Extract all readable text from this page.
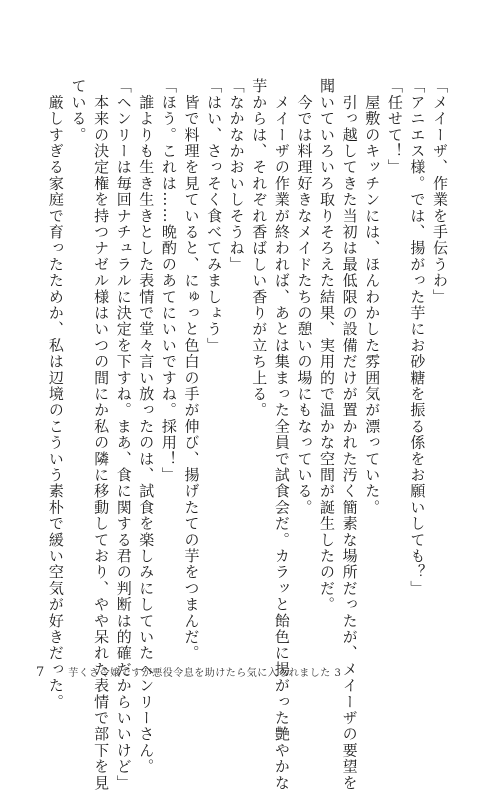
「メイーザ、作業を手伝うわ」
「アニエス様。では、揚がった芋にお砂糖を振る係をお願いしても？」
「任せて！」
　屋敷のキッチンには、ほんわかした雰囲気が漂っていた。
　引っ越してきた当初は最低限の設備だけが置かれた汚く簡素な場所だったが、メイーザの要望を
聞いていろいろ取りそろえた結果、実用的で温かな空間が誕生したのだ。
　今では料理好きなメイドたちの憩いの場にもなっている。
　メイーザの作業が終われば、あとは集まった全員で試食会だ。カラッと飴色に揚がった艶やかな
芋からは、それぞれ香ばしい香りが立ち上る。
「なかなかおいしそうね」
「はい、さっそく食べてみましょう」
　皆で料理を見ていると、にゅっと色白の手が伸び、揚げたての芋をつまんだ。
「ほう。これは……晩酌のあてにいいですね。採用！」
　誰よりも生き生きとした表情で堂々言い放ったのは、試食を楽しみにしていたヘンリーさん。
「ヘンリーは毎回ナチュラルに決定を下すね。まあ、食に関する君の判断は的確だからいいけど」
　本来の決定権を持つナゼル様はいつの間にか私の隣に移動しており、やや呆れた表情で部下を見
ている。
　厳しすぎる家庭で育ったためか、私は辺境のこういう素朴で緩い空気が好きだった。
7 芋くさ令嬢ですが悪役令息を助けたら気に入られました 3
